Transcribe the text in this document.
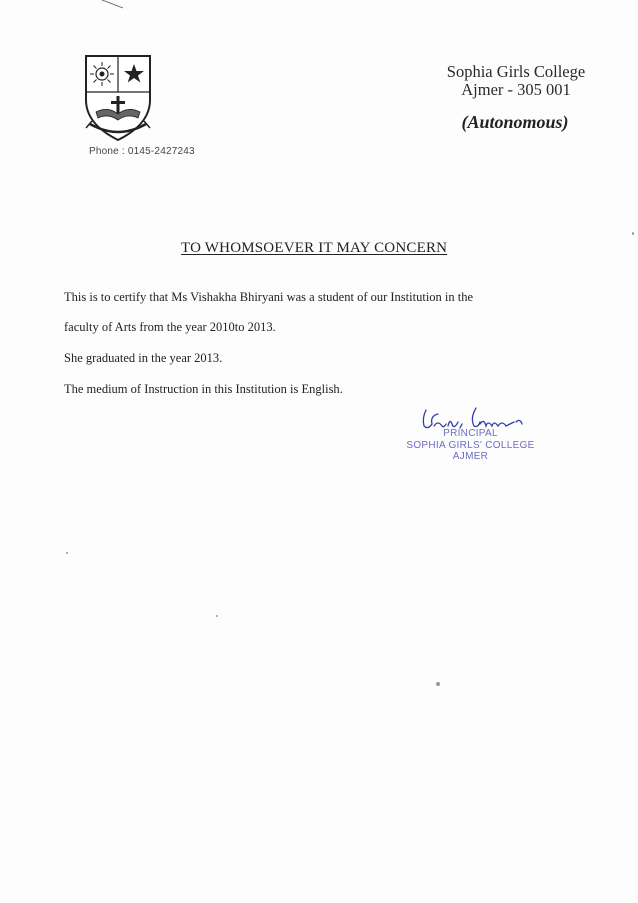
Phone : 0145-2427243
Sophia Girls College
Ajmer - 305 001
(Autonomous)
TO WHOMSOEVER IT MAY CONCERN
This is to certify that Ms Vishakha Bhiryani was a student of our Institution in the
faculty of Arts from the year 2010to 2013.
She graduated in the year 2013.
The medium of Instruction in this Institution is English.
PRINCIPAL
SOPHIA GIRLS' COLLEGE
AJMER
